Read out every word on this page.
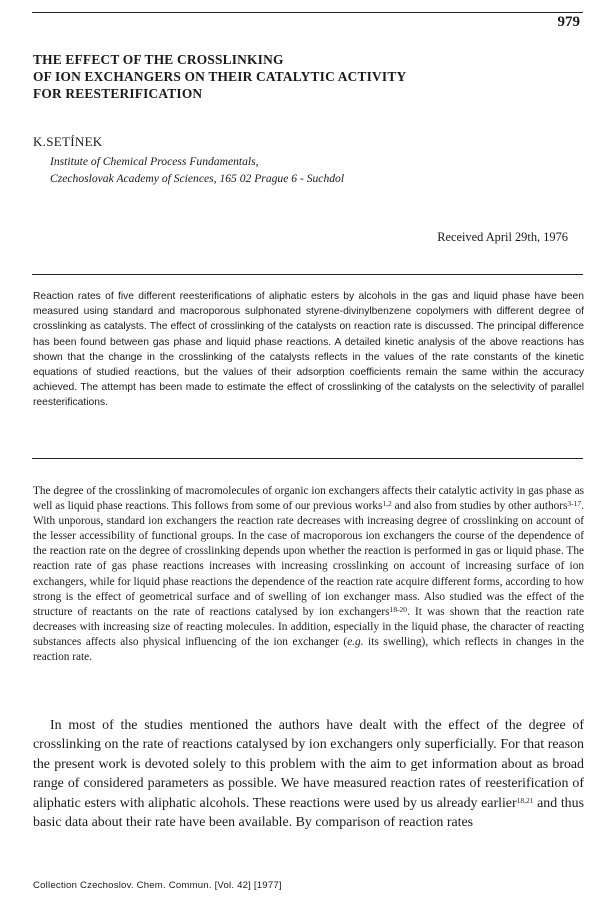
979
THE EFFECT OF THE CROSSLINKING
OF ION EXCHANGERS ON THEIR CATALYTIC ACTIVITY
FOR REESTERIFICATION
K.SETÍNEK
Institute of Chemical Process Fundamentals,
Czechoslovak Academy of Sciences, 165 02 Prague 6 - Suchdol
Received April 29th, 1976
Reaction rates of five different reesterifications of aliphatic esters by alcohols in the gas and liquid phase have been measured using standard and macroporous sulphonated styrene-divinylbenzene copolymers with different degree of crosslinking as catalysts. The effect of crosslinking of the catalysts on reaction rate is discussed. The principal difference has been found between gas phase and liquid phase reactions. A detailed kinetic analysis of the above reactions has shown that the change in the crosslinking of the catalysts reflects in the values of the rate constants of the kinetic equations of studied reactions, but the values of their adsorption coefficients remain the same within the accuracy achieved. The attempt has been made to estimate the effect of crosslinking of the catalysts on the selectivity of parallel reesterifications.
The degree of the crosslinking of macromolecules of organic ion exchangers affects their catalytic activity in gas phase as well as liquid phase reactions. This follows from some of our previous works$^{1,2}$ and also from studies by other authors$^{3-17}$. With unporous, standard ion exchangers the reaction rate decreases with increasing degree of crosslinking on account of the lesser accessibility of functional groups. In the case of macroporous ion exchangers the course of the dependence of the reaction rate on the degree of crosslinking depends upon whether the reaction is performed in gas or liquid phase. The reaction rate of gas phase reactions increases with increasing crosslinking on account of increasing surface of ion exchangers, while for liquid phase reactions the dependence of the reaction rate acquire different forms, according to how strong is the effect of geometrical surface and of swelling of ion exchanger mass. Also studied was the effect of the structure of reactants on the rate of reactions catalysed by ion exchangers$^{18-20}$. It was shown that the reaction rate decreases with increasing size of reacting molecules. In addition, especially in the liquid phase, the character of reacting substances affects also physical influencing of the ion exchanger (e.g. its swelling), which reflects in changes in the reaction rate.
In most of the studies mentioned the authors have dealt with the effect of the degree of crosslinking on the rate of reactions catalysed by ion exchangers only superficially. For that reason the present work is devoted solely to this problem with the aim to get information about as broad range of considered parameters as possible. We have measured reaction rates of reesterification of aliphatic esters with aliphatic alcohols. These reactions were used by us already earlier$^{18,21}$ and thus basic data about their rate have been available. By comparison of reaction rates
Collection Czechoslov. Chem. Commun. [Vol. 42] [1977]
